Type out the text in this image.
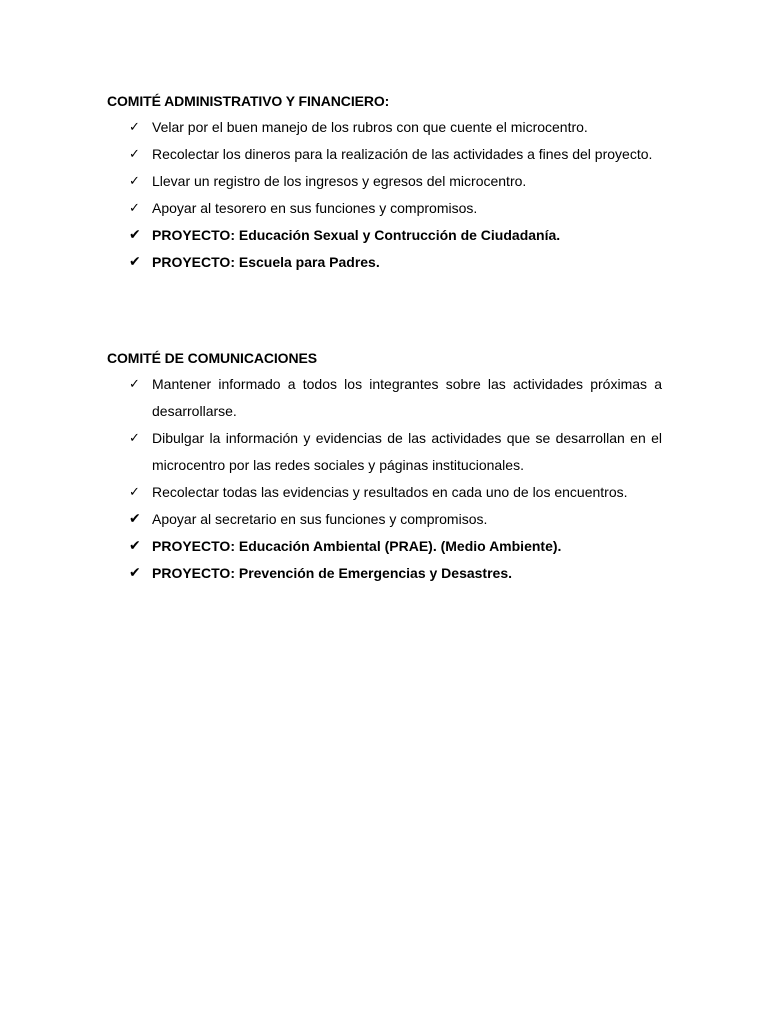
COMITÉ ADMINISTRATIVO Y FINANCIERO:
✓ Velar por el buen manejo de los rubros con que cuente el microcentro.
✓ Recolectar los dineros para la realización de las actividades a fines del proyecto.
✓ Llevar un registro de los ingresos y egresos del microcentro.
✓ Apoyar al tesorero en sus funciones y compromisos.
✔ PROYECTO: Educación Sexual y Contrucción de Ciudadanía.
✔ PROYECTO: Escuela para Padres.
COMITÉ DE COMUNICACIONES
✓ Mantener informado a todos los integrantes sobre las actividades próximas a desarrollarse.
✓ Dibulgar la información y evidencias de las actividades que se desarrollan en el microcentro por las redes sociales y páginas institucionales.
✓ Recolectar todas las evidencias y resultados en cada uno de los encuentros.
✔ Apoyar al secretario en sus funciones y compromisos.
✔ PROYECTO: Educación Ambiental (PRAE). (Medio Ambiente).
✔ PROYECTO: Prevención de Emergencias y Desastres.
